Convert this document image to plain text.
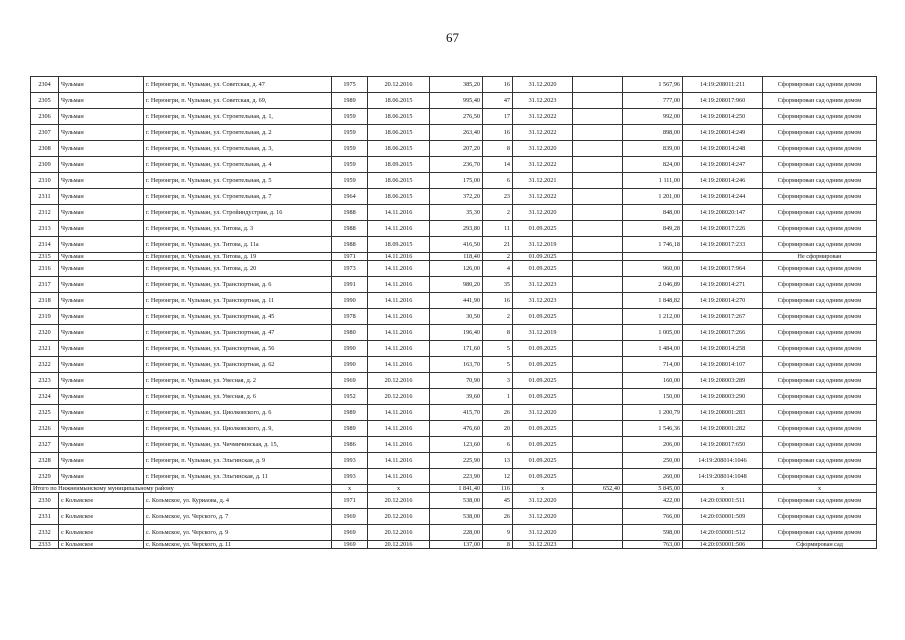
67
2304	Чульман	г. Нерюнгри, п. Чульман, ул. Советская, д. 47	1975	20.12.2016	385,20	16	31.12.2020		1 567,96	14:19:208011:211	Сформирован сад одним домом
2305	Чульман	г. Нерюнгри, п. Чульман, ул. Советская, д. 69,	1989	18.06.2015	995,40	47	31.12.2023		777,00	14:19:208017:960	Сформирован сад одним домом
2306	Чульман	г. Нерюнгри, п. Чульман, ул. Строительная, д. 1,	1959	18.06.2015	276,50	17	31.12.2022		992,00	14:19:208014:250	Сформирован сад одним домом
2307	Чульман	г. Нерюнгри, п. Чульман, ул. Строительная, д. 2	1959	18.06.2015	263,40	16	31.12.2022		898,00	14:19:208014:249	Сформирован сад одним домом
2308	Чульман	г. Нерюнгри, п. Чульман, ул. Строительная, д. 3,	1959	18.06.2015	207,20	8	31.12.2020		839,00	14:19:208014:248	Сформирован сад одним домом
2309	Чульман	г. Нерюнгри, п. Чульман, ул. Строительная, д. 4	1959	18.09.2015	236,70	14	31.12.2022		824,00	14:19:208014:247	Сформирован сад одним домом
2310	Чульман	г. Нерюнгри, п. Чульман, ул. Строительная, д. 5	1959	18.06.2015	175,00	6	31.12.2021		1 111,00	14:19:208014:246	Сформирован сад одним домом
2311	Чульман	г. Нерюнгри, п. Чульман, ул. Строительная, д. 7	1964	18.06.2015	372,20	23	31.12.2022		1 201,00	14:19:208014:244	Сформирован сад одним домом
2312	Чульман	г. Нерюнгри, п. Чульман, ул. Стройиндустрии, д. 16	1988	14.11.2016	35,30	2	31.12.2020		848,00	14:19:208020:147	Сформирован сад одним домом
2313	Чульман	г. Нерюнгри, п. Чульман, ул. Титова, д. 3	1988	14.11.2016	293,80	11	01.09.2025		849,28	14:19:208017:226	Сформирован сад одним домом
2314	Чульман	г. Нерюнгри, п. Чульман, ул. Титова, д. 11а	1988	18.09.2015	416,50	21	31.12.2019		1 746,18	14:19:208017:233	Сформирован сад одним домом
2315	Чульман	г. Нерюнгри, п. Чульман, ул. Титова, д. 19	1971	14.11.2016	118,40	2	01.09.2025				Не сформирован
2316	Чульман	г. Нерюнгри, п. Чульман, ул. Титова, д. 20	1973	14.11.2016	126,00	4	01.09.2025		960,00	14:19:208017:964	Сформирован сад одним домом
2317	Чульман	г. Нерюнгри, п. Чульман, ул. Транспортная, д. 6	1991	14.11.2016	980,20	35	31.12.2023		2 046,89	14:19:208014:271	Сформирован сад одним домом
2318	Чульман	г. Нерюнгри, п. Чульман, ул. Транспортная, д. 11	1990	14.11.2016	441,90	16	31.12.2023		1 848,82	14:19:208014:270	Сформирован сад одним домом
2319	Чульман	г. Нерюнгри, п. Чульман, ул. Транспортная, д. 45	1978	14.11.2016	30,50	2	01.09.2025		1 212,00	14:19:208017:267	Сформирован сад одним домом
2320	Чульман	г. Нерюнгри, п. Чульман, ул. Транспортная, д. 47	1980	14.11.2016	196,40	8	31.12.2019		1 005,00	14:19:208017:266	Сформирован сад одним домом
2321	Чульман	г. Нерюнгри, п. Чульман, ул. Транспортная, д. 56	1990	14.11.2016	171,60	5	01.09.2025		1 484,00	14:19:208014:258	Сформирован сад одним домом
2322	Чульман	г. Нерюнгри, п. Чульман, ул. Транспортная, д. 62	1990	14.11.2016	163,70	5	01.09.2025		714,00	14:19:208014:107	Сформирован сад одним домом
2323	Чульман	г. Нерюнгри, п. Чульман, ул. Увесная, д. 2	1969	20.12.2016	70,90	3	01.09.2025		160,00	14:19:208003:289	Сформирован сад одним домом
2324	Чульман	г. Нерюнгри, п. Чульман, ул. Увесная, д. 6	1952	20.12.2016	39,60	1	01.09.2025		150,00	14:19:208003:290	Сформирован сад одним домом
2325	Чульман	г. Нерюнгри, п. Чульман, ул. Циолковского, д. 6	1989	14.11.2016	415,70	26	31.12.2020		1 200,79	14:19:208001:283	Сформирован сад одним домом
2326	Чульман	г. Нерюнгри, п. Чульман, ул. Циолковского, д. 9,	1989	14.11.2016	476,60	20	01.09.2025		1 546,36	14:19:208001:282	Сформирован сад одним домом
2327	Чульман	г. Нерюнгри, п. Чульман, ул. Чичмичинская, д. 15,	1986	14.11.2016	123,60	6	01.09.2025		206,00	14:19:208017:650	Сформирован сад одним домом
2328	Чульман	г. Нерюнгри, п. Чульман, ул. Эльгинская, д. 9	1993	14.11.2016	225,90	13	01.09.2025		250,00	14:19:208014:1046	Сформирован сад одним домом
2329	Чульман	г. Нерюнгри, п. Чульман, ул. Эльгинская, д. 11	1993	14.11.2016	223,90	12	01.09.2025		260,00	14:19:208014:1048	Сформирован сад одним домом
Итого по Нижнеимынскому муниципальному району			x	x	1 841,40	116	x	652,40	5 845,00	x	x
2330	с Кольмское	с. Кольмское, ул. Куриаова, д. 4	1971	20.12.2016	538,00	45	31.12.2020		422,00	14:20:030001:511	Сформирован сад одним домом
2331	с Кольмское	с. Кольмское, ул. Черского, д. 7	1969	20.12.2016	538,00	26	31.12.2020		766,00	14:20:030001:509	Сформирован сад одним домом
2332	с Кольмское	с. Кольмское, ул. Черского, д. 9	1969	20.12.2016	228,00	9	31.12.2020		598,00	14:20:030001:512	Сформирован сад одним домом
2333	с Кольмское	с. Кольмское, ул. Черского, д. 11	1969	20.12.2016	137,00	8	31.12.2023		763,00	14:20:030001:506	Сформирован сад
